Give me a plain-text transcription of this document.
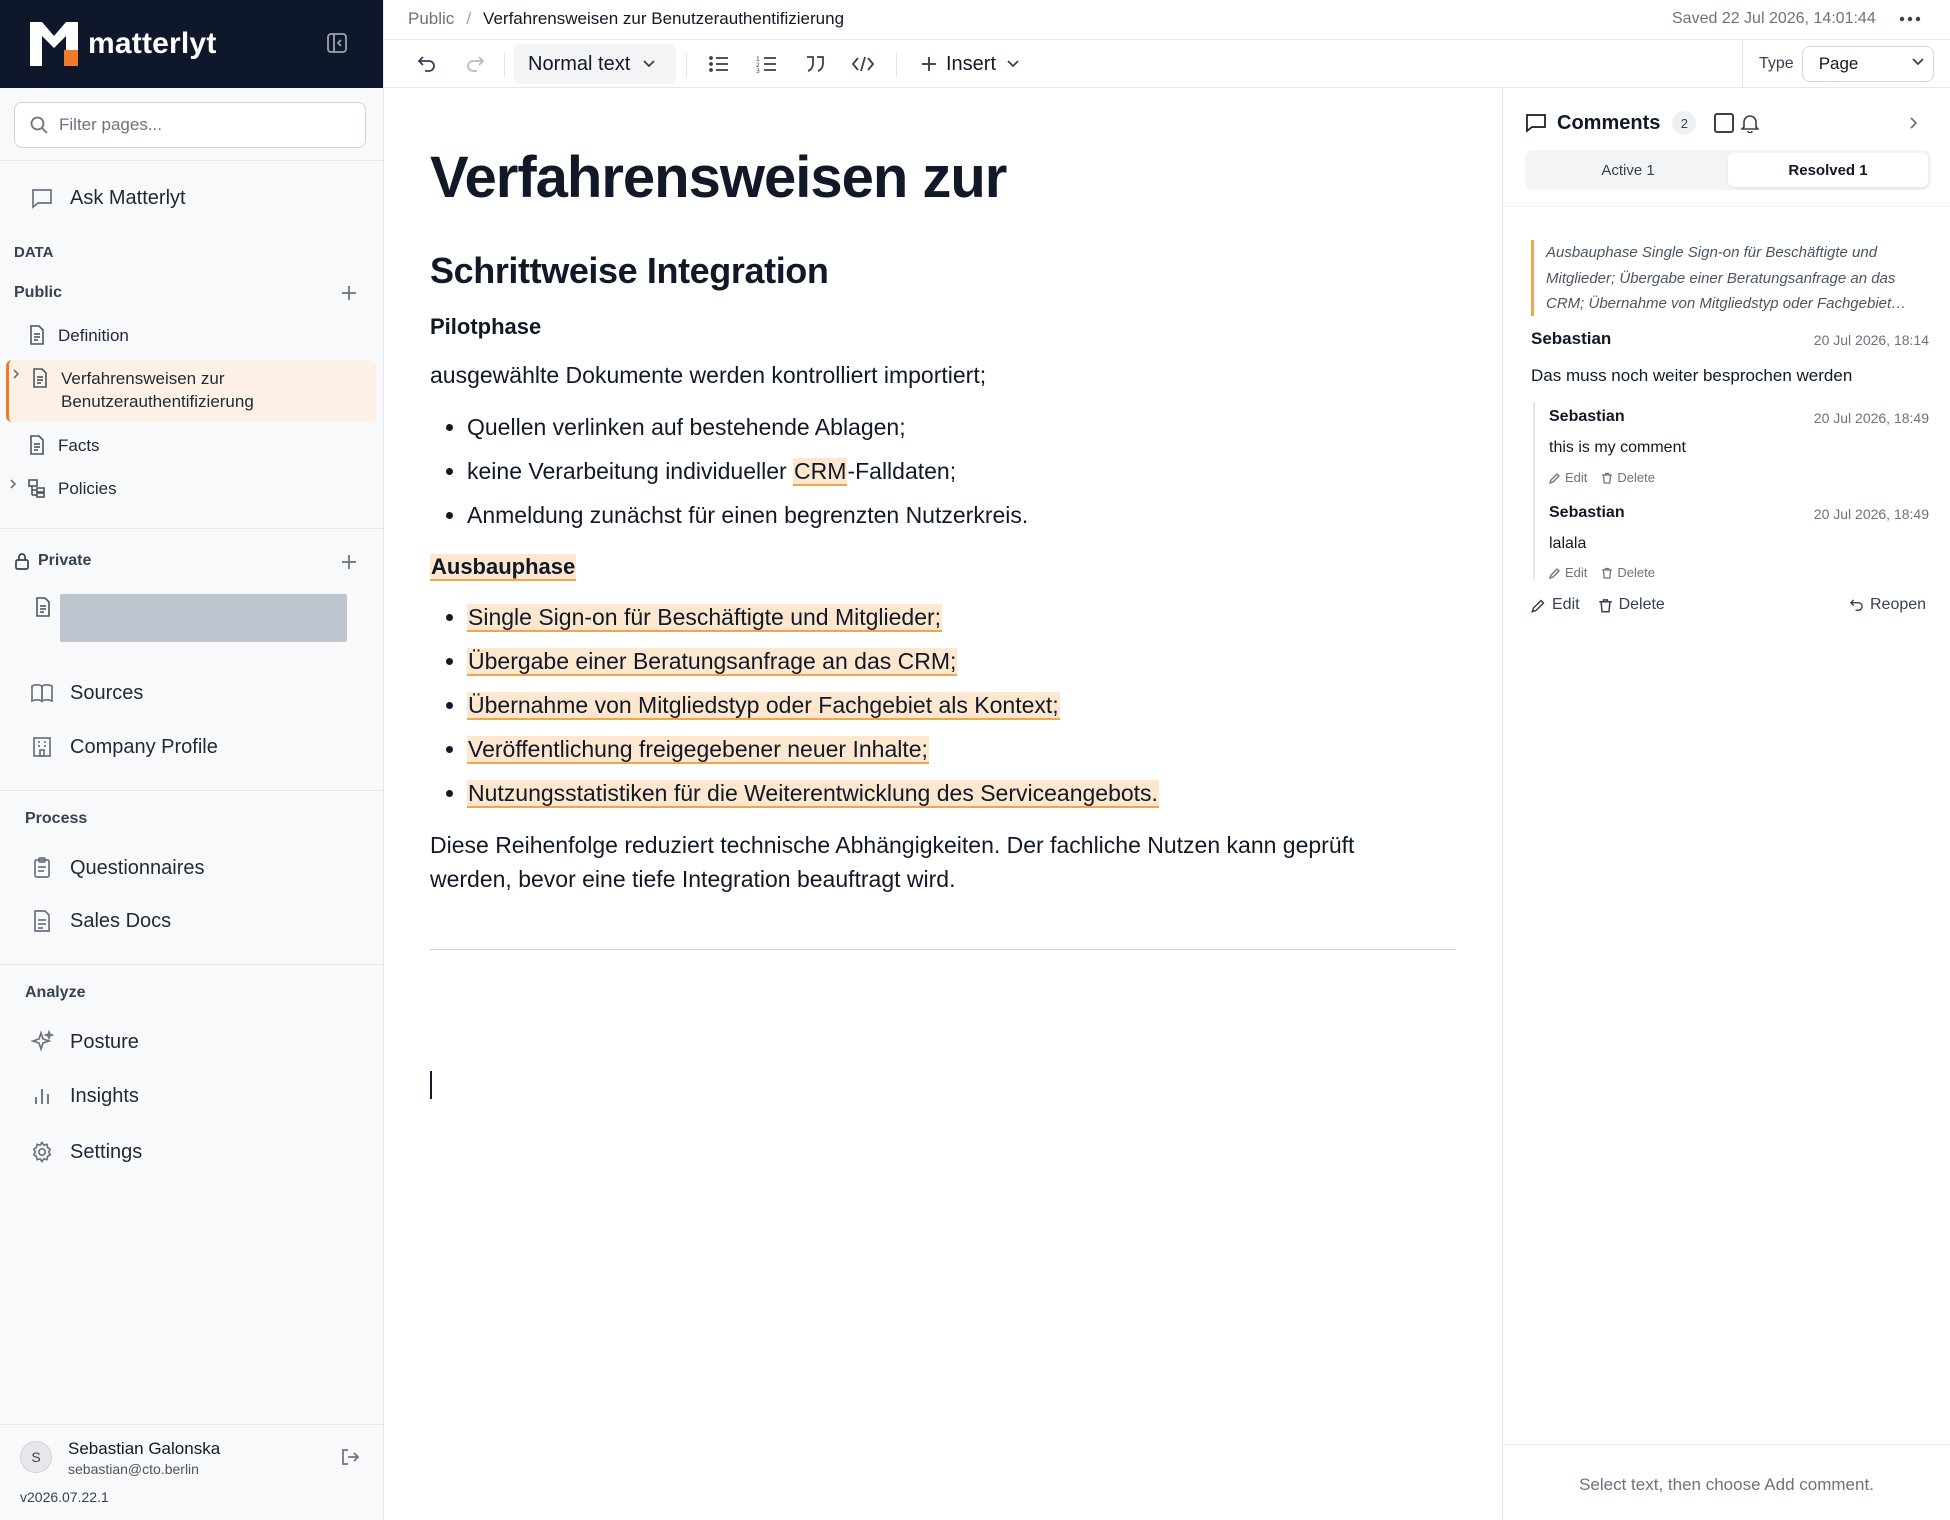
matterlyt
Filter pages...
Ask Matterlyt
DATA
Public
Definition
Verfahrensweisen zur Benutzerauthentifizierung
Facts
Policies
Private
Sources
Company Profile
Process
Questionnaires
Sales Docs
Analyze
Posture
Insights
Settings
S	Sebastian Galonska
sebastian@cto.berlin
v2026.07.22.1
Public / Verfahrensweisen zur Benutzerauthentifizierung	Saved 22 Jul 2026, 14:01:44
Normal text	1
2
3	Insert	Type Page
Verfahrensweisen zur
Schrittweise Integration
Pilotphase

ausgewählte Dokumente werden kontrolliert importiert;

Quellen verlinken auf bestehende Ablagen;
keine Verarbeitung individueller CRM-Falldaten;
Anmeldung zunächst für einen begrenzten Nutzerkreis.
Ausbauphase
Single Sign-on für Beschäftigte und Mitglieder;
Übergabe einer Beratungsanfrage an das CRM;
Übernahme von Mitgliedstyp oder Fachgebiet als Kontext;
Veröffentlichung freigegebener neuer Inhalte;
Nutzungsstatistiken für die Weiterentwicklung des Serviceangebots.

Diese Reihenfolge reduziert technische Abhängigkeiten. Der fachliche Nutzen kann geprüft
werden, bevor eine tiefe Integration beauftragt wird.

Comments	2
Active 1	Resolved 1
Ausbauphase Single Sign-on für Beschäftigte und Mitglieder; Übergabe einer Beratungsanfrage an das CRM; Übernahme von Mitgliedstyp oder Fachgebiet…
Sebastian	20 Jul 2026, 18:14
Das muss noch weiter besprochen werden
Sebastian	20 Jul 2026, 18:49
this is my comment
Edit Delete
Sebastian	20 Jul 2026, 18:49
lalala
Edit Delete
Edit Delete	Reopen
Select text, then choose Add comment.
